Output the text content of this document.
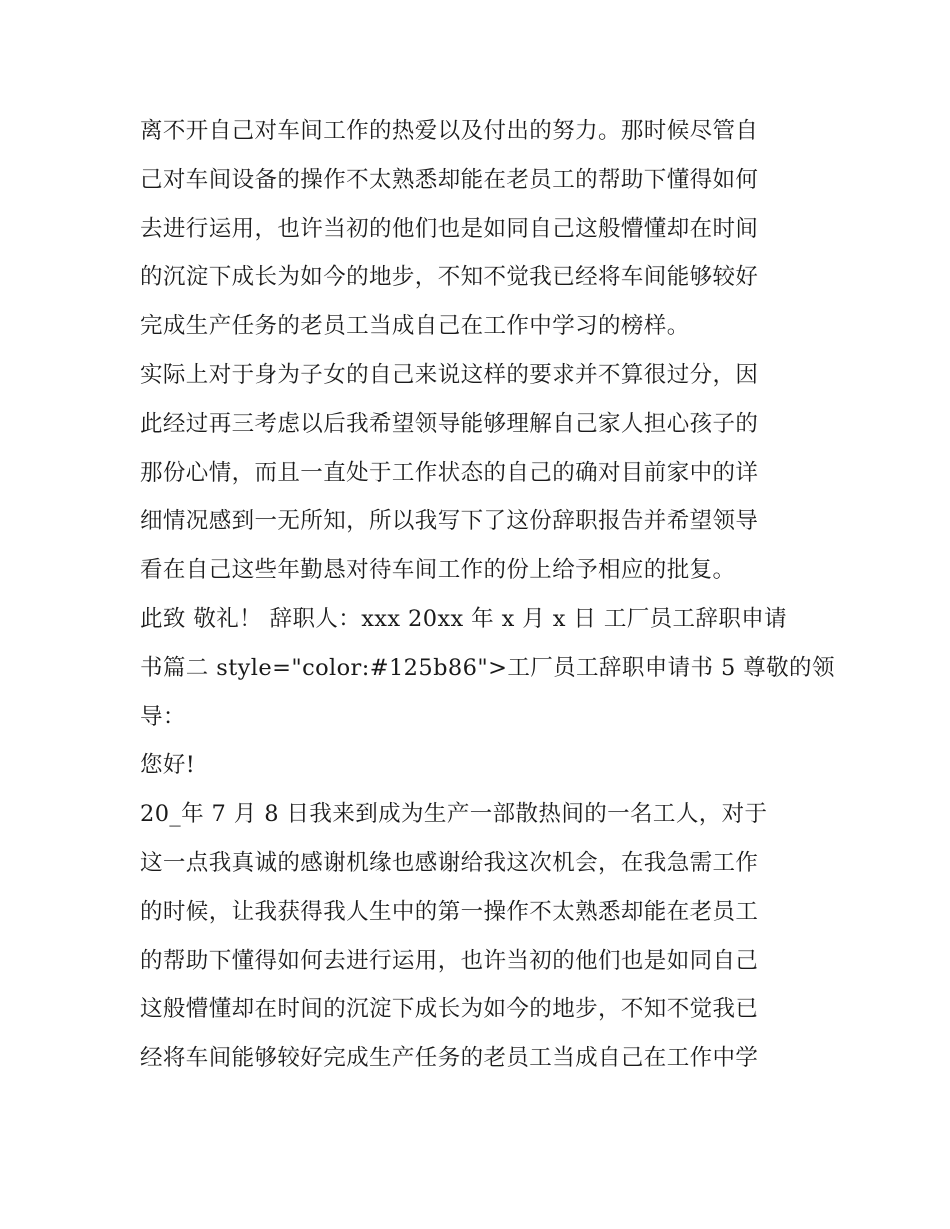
离不开自己对车间工作的热爱以及付出的努力。那时候尽管自
己对车间设备的操作不太熟悉却能在老员工的帮助下懂得如何
去进行运用，也许当初的他们也是如同自己这般懵懂却在时间
的沉淀下成长为如今的地步，不知不觉我已经将车间能够较好
完成生产任务的老员工当成自己在工作中学习的榜样。
实际上对于身为子女的自己来说这样的要求并不算很过分，因
此经过再三考虑以后我希望领导能够理解自己家人担心孩子的
那份心情，而且一直处于工作状态的自己的确对目前家中的详
细情况感到一无所知，所以我写下了这份辞职报告并希望领导
看在自己这些年勤恳对待车间工作的份上给予相应的批复。
此致 敬礼！ 辞职人：xxx 20xx 年 x 月 x 日 工厂员工辞职申请
书篇二 style="color:#125b86">工厂员工辞职申请书 5 尊敬的领
导：
您好!
20_年 7 月 8 日我来到成为生产一部散热间的一名工人，对于
这一点我真诚的感谢机缘也感谢给我这次机会，在我急需工作
的时候，让我获得我人生中的第一操作不太熟悉却能在老员工
的帮助下懂得如何去进行运用，也许当初的他们也是如同自己
这般懵懂却在时间的沉淀下成长为如今的地步，不知不觉我已
经将车间能够较好完成生产任务的老员工当成自己在工作中学
